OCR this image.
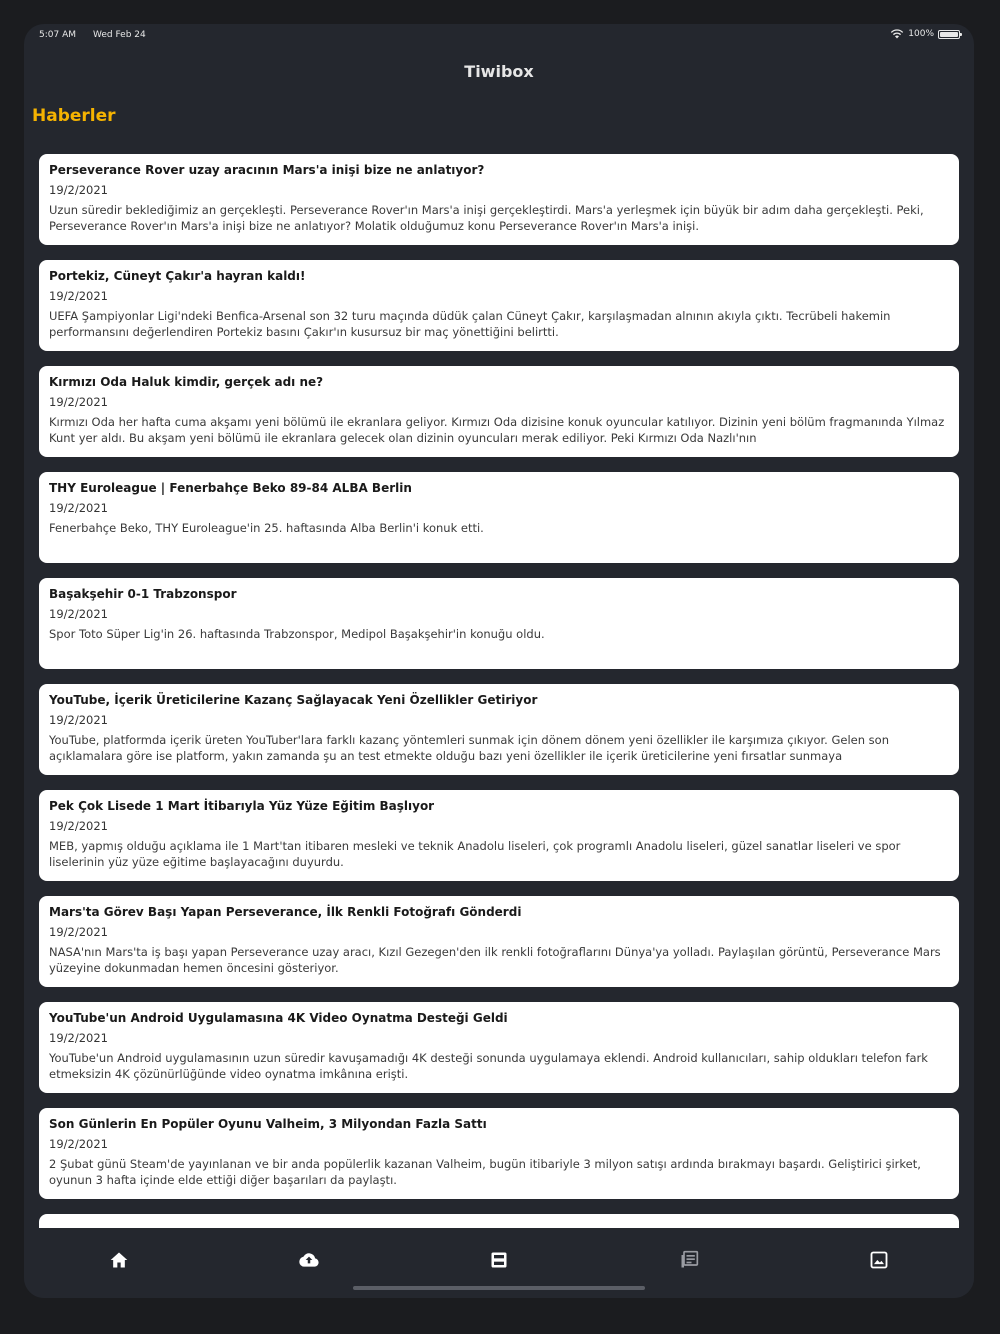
5:07 AM Wed Feb 24	100%
Tiwibox
Haberler
Perseverance Rover uzay aracının Mars'a inişi bize ne anlatıyor?
19/2/2021
Uzun süredir beklediğimiz an gerçekleşti. Perseverance Rover'ın Mars'a inişi gerçekleştirdi. Mars'a yerleşmek için büyük bir adım daha gerçekleşti. Peki, Perseverance Rover'ın Mars'a inişi bize ne anlatıyor? Molatik olduğumuz konu Perseverance Rover'ın Mars'a inişi.
Portekiz, Cüneyt Çakır'a hayran kaldı!
19/2/2021
UEFA Şampiyonlar Ligi'ndeki Benfica-Arsenal son 32 turu maçında düdük çalan Cüneyt Çakır, karşılaşmadan alnının akıyla çıktı. Tecrübeli hakemin performansını değerlendiren Portekiz basını Çakır'ın kusursuz bir maç yönettiğini belirtti.
Kırmızı Oda Haluk kimdir, gerçek adı ne?
19/2/2021
Kırmızı Oda her hafta cuma akşamı yeni bölümü ile ekranlara geliyor. Kırmızı Oda dizisine konuk oyuncular katılıyor. Dizinin yeni bölüm fragmanında Yılmaz Kunt yer aldı. Bu akşam yeni bölümü ile ekranlara gelecek olan dizinin oyuncuları merak ediliyor. Peki Kırmızı Oda Nazlı'nın
THY Euroleague | Fenerbahçe Beko 89-84 ALBA Berlin
19/2/2021
Fenerbahçe Beko, THY Euroleague'in 25. haftasında Alba Berlin'i konuk etti.
Başakşehir 0-1 Trabzonspor
19/2/2021
Spor Toto Süper Lig'in 26. haftasında Trabzonspor, Medipol Başakşehir'in konuğu oldu.
YouTube, İçerik Üreticilerine Kazanç Sağlayacak Yeni Özellikler Getiriyor
19/2/2021
YouTube, platformda içerik üreten YouTuber'lara farklı kazanç yöntemleri sunmak için dönem dönem yeni özellikler ile karşımıza çıkıyor. Gelen son açıklamalara göre ise platform, yakın zamanda şu an test etmekte olduğu bazı yeni özellikler ile içerik üreticilerine yeni fırsatlar sunmaya
Pek Çok Lisede 1 Mart İtibarıyla Yüz Yüze Eğitim Başlıyor
19/2/2021
MEB, yapmış olduğu açıklama ile 1 Mart'tan itibaren mesleki ve teknik Anadolu liseleri, çok programlı Anadolu liseleri, güzel sanatlar liseleri ve spor liselerinin yüz yüze eğitime başlayacağını duyurdu.
Mars'ta Görev Başı Yapan Perseverance, İlk Renkli Fotoğrafı Gönderdi
19/2/2021
NASA'nın Mars'ta iş başı yapan Perseverance uzay aracı, Kızıl Gezegen'den ilk renkli fotoğraflarını Dünya'ya yolladı. Paylaşılan görüntü, Perseverance Mars yüzeyine dokunmadan hemen öncesini gösteriyor.
YouTube'un Android Uygulamasına 4K Video Oynatma Desteği Geldi
19/2/2021
YouTube'un Android uygulamasının uzun süredir kavuşamadığı 4K desteği sonunda uygulamaya eklendi. Android kullanıcıları, sahip oldukları telefon fark etmeksizin 4K çözünürlüğünde video oynatma imkânına erişti.
Son Günlerin En Popüler Oyunu Valheim, 3 Milyondan Fazla Sattı
19/2/2021
2 Şubat günü Steam'de yayınlanan ve bir anda popülerlik kazanan Valheim, bugün itibariyle 3 milyon satışı ardında bırakmayı başardı. Geliştirici şirket, oyunun 3 hafta içinde elde ettiği diğer başarıları da paylaştı.
